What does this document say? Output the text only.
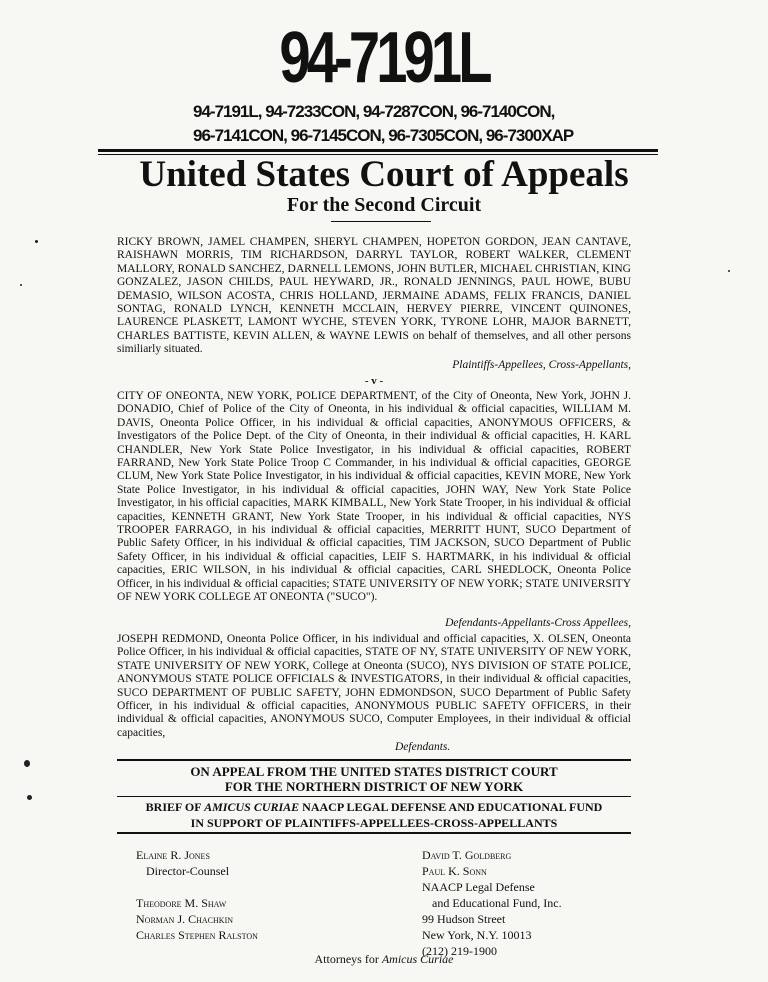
94-7191L
94-7191L, 94-7233CON, 94-7287CON, 96-7140CON,
96-7141CON, 96-7145CON, 96-7305CON, 96-7300XAP
United States Court of Appeals
For the Second Circuit
RICKY BROWN, JAMEL CHAMPEN, SHERYL CHAMPEN, HOPETON GORDON, JEAN CANTAVE, RAISHAWN MORRIS, TIM RICHARDSON, DARRYL TAYLOR, ROBERT WALKER, CLEMENT MALLORY, RONALD SANCHEZ, DARNELL LEMONS, JOHN BUTLER, MICHAEL CHRISTIAN, KING GONZALEZ, JASON CHILDS, PAUL HEYWARD, JR., RONALD JENNINGS, PAUL HOWE, BUBU DEMASIO, WILSON ACOSTA, CHRIS HOLLAND, JERMAINE ADAMS, FELIX FRANCIS, DANIEL SONTAG, RONALD LYNCH, KENNETH MCCLAIN, HERVEY PIERRE, VINCENT QUINONES, LAURENCE PLASKETT, LAMONT WYCHE, STEVEN YORK, TYRONE LOHR, MAJOR BARNETT, CHARLES BATTISTE, KEVIN ALLEN, & WAYNE LEWIS on behalf of themselves, and all other persons similiarly situated.
Plaintiffs-Appellees, Cross-Appellants,
- v -
CITY OF ONEONTA, NEW YORK, POLICE DEPARTMENT, of the City of Oneonta, New York, JOHN J. DONADIO, Chief of Police of the City of Oneonta, in his individual & official capacities, WILLIAM M. DAVIS, Oneonta Police Officer, in his individual & official capacities, ANONYMOUS OFFICERS, & Investigators of the Police Dept. of the City of Oneonta, in their individual & official capacities, H. KARL CHANDLER, New York State Police Investigator, in his individual & official capacities, ROBERT FARRAND, New York State Police Troop C Commander, in his individual & official capacities, GEORGE CLUM, New York State Police Investigator, in his individual & official capacities, KEVIN MORE, New York State Police Investigator, in his individual & official capacities, JOHN WAY, New York State Police Investigator, in his official capacities, MARK KIMBALL, New York State Trooper, in his individual & official capacities, KENNETH GRANT, New York State Trooper, in his individual & official capacities, NYS TROOPER FARRAGO, in his individual & official capacities, MERRITT HUNT, SUCO Department of Public Safety Officer, in his individual & official capacities, TIM JACKSON, SUCO Department of Public Safety Officer, in his individual & official capacities, LEIF S. HARTMARK, in his individual & official capacities, ERIC WILSON, in his individual & official capacities, CARL SHEDLOCK, Oneonta Police Officer, in his individual & official capacities; STATE UNIVERSITY OF NEW YORK; STATE UNIVERSITY OF NEW YORK COLLEGE AT ONEONTA ("SUCO").
Defendants-Appellants-Cross Appellees,
JOSEPH REDMOND, Oneonta Police Officer, in his individual and official capacities, X. OLSEN, Oneonta Police Officer, in his individual & official capacities, STATE OF NY, STATE UNIVERSITY OF NEW YORK, STATE UNIVERSITY OF NEW YORK, College at Oneonta (SUCO), NYS DIVISION OF STATE POLICE, ANONYMOUS STATE POLICE OFFICIALS & INVESTIGATORS, in their individual & official capacities, SUCO DEPARTMENT OF PUBLIC SAFETY, JOHN EDMONDSON, SUCO Department of Public Safety Officer, in his individual & official capacities, ANONYMOUS PUBLIC SAFETY OFFICERS, in their individual & official capacities, ANONYMOUS SUCO, Computer Employees, in their individual & official capacities,
Defendants.
ON APPEAL FROM THE UNITED STATES DISTRICT COURT
FOR THE NORTHERN DISTRICT OF NEW YORK
BRIEF OF AMICUS CURIAE NAACP LEGAL DEFENSE AND EDUCATIONAL FUND
IN SUPPORT OF PLAINTIFFS-APPELLEES-CROSS-APPELLANTS
Elaine R. Jones
Director-Counsel
Theodore M. Shaw
Norman J. Chachkin
Charles Stephen Ralston
David T. Goldberg
Paul K. Sonn
NAACP Legal Defense
and Educational Fund, Inc.
99 Hudson Street
New York, N.Y. 10013
(212) 219-1900
Attorneys for Amicus Curiae
